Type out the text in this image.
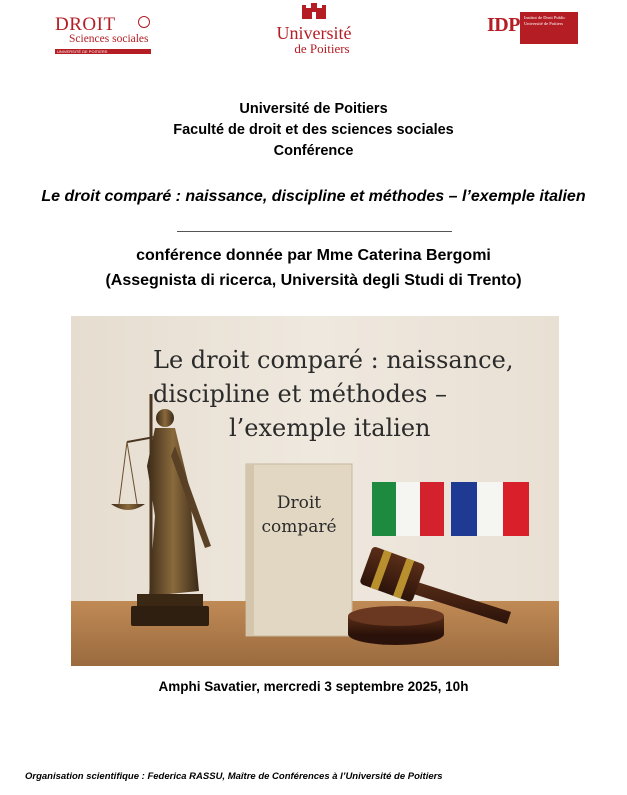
DROIT
Sciences sociales
UNIVERSITÉ DE POITIERS
Université
de Poitiers
IDP Institut de Droit Public Université de Poitiers
Université de Poitiers
Faculté de droit et des sciences sociales
Conférence
Le droit comparé : naissance, discipline et méthodes – l’exemple italien
conférence donnée par Mme Caterina Bergomi
(Assegnista di ricerca, Università degli Studi di Trento)
Le droit comparé : naissance,
discipline et méthodes –
l’exemple italien
Droit
comparé
Amphi Savatier, mercredi 3 septembre 2025, 10h
Organisation scientifique : Federica RASSU, Maître de Conférences à l’Université de Poitiers
